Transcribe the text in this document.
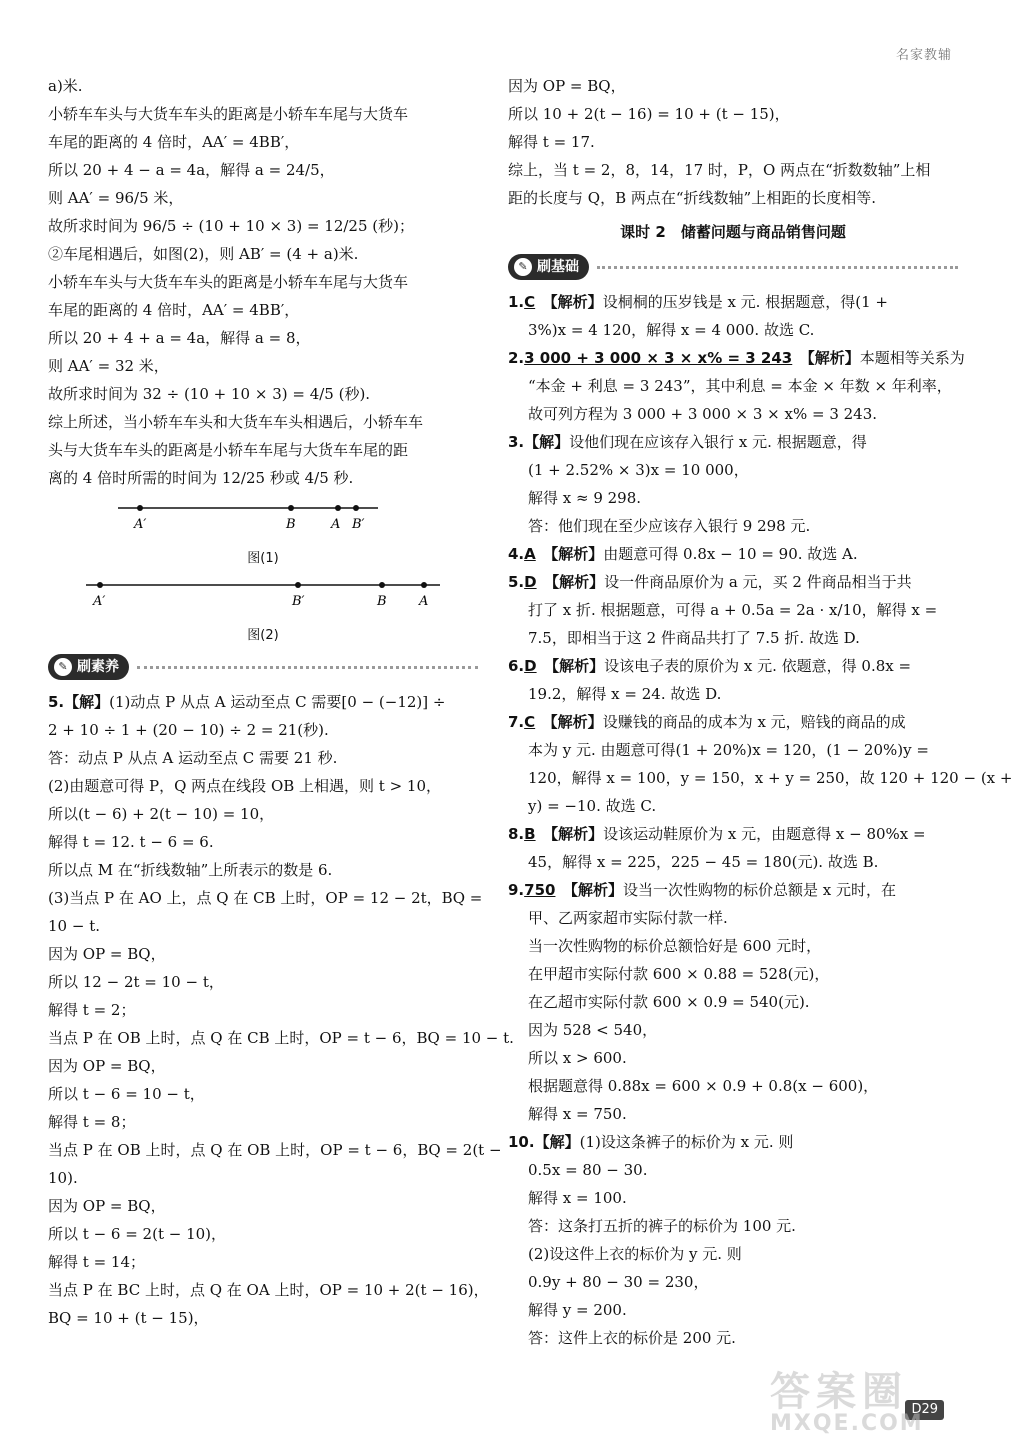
名家教辅
a)米.
小轿车车头与大货车车头的距离是小轿车车尾与大货车
车尾的距离的 4 倍时，AA′ = 4BB′，
所以 20 + 4 − a = 4a，解得 a = 24/5，
则 AA′ = 96/5 米，
故所求时间为 96/5 ÷ (10 + 10 × 3) = 12/25 (秒)；
②车尾相遇后，如图(2)，则 AB′ = (4 + a)米.
小轿车车头与大货车车头的距离是小轿车车尾与大货车
车尾的距离的 4 倍时，AA′ = 4BB′，
所以 20 + 4 + a = 4a，解得 a = 8，
则 AA′ = 32 米，
故所求时间为 32 ÷ (10 + 10 × 3) = 4/5 (秒).
综上所述，当小轿车车头和大货车车头相遇后，小轿车车
头与大货车车头的距离是小轿车车尾与大货车车尾的距
离的 4 倍时所需的时间为 12/25 秒或 4/5 秒.
A′	B	A B′
图(1)
A′	B′	B A
图(2)
✎ 刷素养
5.【解】(1)动点 P 从点 A 运动至点 C 需要[0 − (−12)] ÷
2 + 10 ÷ 1 + (20 − 10) ÷ 2 = 21(秒).
答：动点 P 从点 A 运动至点 C 需要 21 秒.
(2)由题意可得 P，Q 两点在线段 OB 上相遇，则 t > 10，
所以(t − 6) + 2(t − 10) = 10，
解得 t = 12. t − 6 = 6.
所以点 M 在“折线数轴”上所表示的数是 6.
(3)当点 P 在 AO 上，点 Q 在 CB 上时，OP = 12 − 2t，BQ =
10 − t.
因为 OP = BQ，
所以 12 − 2t = 10 − t，
解得 t = 2；
当点 P 在 OB 上时，点 Q 在 CB 上时，OP = t − 6，BQ = 10 − t.
因为 OP = BQ，
所以 t − 6 = 10 − t，
解得 t = 8；
当点 P 在 OB 上时，点 Q 在 OB 上时，OP = t − 6，BQ = 2(t −
10).
因为 OP = BQ，
所以 t − 6 = 2(t − 10)，
解得 t = 14；
当点 P 在 BC 上时，点 Q 在 OA 上时，OP = 10 + 2(t − 16)，
BQ = 10 + (t − 15)，
因为 OP = BQ，
所以 10 + 2(t − 16) = 10 + (t − 15)，
解得 t = 17.
综上，当 t = 2，8，14，17 时，P，O 两点在“折数数轴”上相
距的长度与 Q，B 两点在“折线数轴”上相距的长度相等.
课时 2　储蓄问题与商品销售问题
✎ 刷基础
1.C　 【解析】设桐桐的压岁钱是 x 元. 根据题意，得(1 +
3%)x = 4 120，解得 x = 4 000. 故选 C.
2.3 000 + 3 000 × 3 × x% = 3 243　 【解析】本题相等关系为
“本金 + 利息 = 3 243”，其中利息 = 本金 × 年数 × 年利率，
故可列方程为 3 000 + 3 000 × 3 × x% = 3 243.
3.【解】设他们现在应该存入银行 x 元. 根据题意，得
(1 + 2.52% × 3)x = 10 000，
解得 x ≈ 9 298.
答：他们现在至少应该存入银行 9 298 元.
4.A　 【解析】由题意可得 0.8x − 10 = 90. 故选 A.
5.D　 【解析】设一件商品原价为 a 元，买 2 件商品相当于共
打了 x 折. 根据题意，可得 a + 0.5a = 2a · x/10，解得 x =
7.5，即相当于这 2 件商品共打了 7.5 折. 故选 D.
6.D　 【解析】设该电子表的原价为 x 元. 依题意，得 0.8x =
19.2，解得 x = 24. 故选 D.
7.C　 【解析】设赚钱的商品的成本为 x 元，赔钱的商品的成
本为 y 元. 由题意可得(1 + 20%)x = 120，(1 − 20%)y =
120，解得 x = 100，y = 150，x + y = 250，故 120 + 120 − (x +
y) = −10. 故选 C.
8.B　 【解析】设该运动鞋原价为 x 元，由题意得 x − 80%x =
45，解得 x = 225，225 − 45 = 180(元). 故选 B.
9.750　 【解析】设当一次性购物的标价总额是 x 元时，在
甲、乙两家超市实际付款一样.
当一次性购物的标价总额恰好是 600 元时，
在甲超市实际付款 600 × 0.88 = 528(元)，
在乙超市实际付款 600 × 0.9 = 540(元).
因为 528 < 540，
所以 x > 600.
根据题意得 0.88x = 600 × 0.9 + 0.8(x − 600)，
解得 x = 750.
10.【解】(1)设这条裤子的标价为 x 元. 则
0.5x = 80 − 30.
解得 x = 100.
答：这条打五折的裤子的标价为 100 元.
(2)设这件上衣的标价为 y 元. 则
0.9y + 80 − 30 = 230，
解得 y = 200.
答：这件上衣的标价是 200 元.
D29
答案圈
MXQE.COM
